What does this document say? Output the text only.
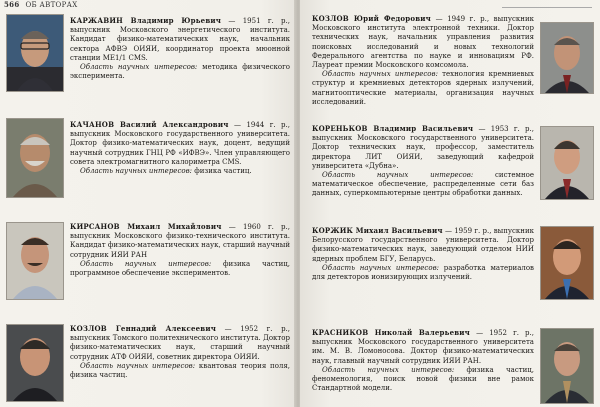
566 ОБ АВТОРАХ

КАРЖАВИН Владимир Юрьевич — 1951 г. р., выпускник Московского энергетического института. Кандидат физико-математических наук, начальник сектора АФВЭ ОИЯИ, координатор проекта мюонной станции ME1/1 CMS.

Область научных интересов: методика физического эксперимента.

КАЧАНОВ Василий Александрович — 1944 г. р., выпускник Московского государственного университета. Доктор физико-математических наук, доцент, ведущий научный сотрудник ГНЦ РФ «ИФВЭ». Член управляющего совета электромагнитного калориметра CMS.

Область научных интересов: физика частиц.

КИРСАНОВ Михаил Михайлович — 1960 г. р., выпускник Московского физико-технического института. Кандидат физико-математических наук, старший научный сотрудник ИЯИ РАН

Область научных интересов: физика частиц, программное обеспечение экспериментов.

КОЗЛОВ Геннадий Алексеевич — 1952 г. р., выпускник Томского политехнического института. Доктор физико-математических наук, старший научный сотрудник АТФ ОИЯИ, советник директора ОИЯИ.

Область научных интересов: квантовая теория поля, физика частиц.

КОЗЛОВ Юрий Федорович — 1949 г. р., выпускник Московского института электронной техники. Доктор технических наук, начальник управления развития поисковых исследований и новых технологий Федерального агентства по науке и инновациям РФ. Лауреат премии Московского комсомола.

Область научных интересов: технология кремниевых структур и кремниевых детекторов ядерных излучений, магнитооптические материалы, организация научных исследований.

КОРЕНЬКОВ Владимир Васильевич — 1953 г. р., выпускник Московского государственного университета. Доктор технических наук, профессор, заместитель директора ЛИТ ОИЯИ, заведующий кафедрой университета «Дубна».

Область научных интересов:	системное математическое обеспечение, распределенные сети баз данных, суперкомпьютерные центры обработки данных.

КОРЖИК Михаил Васильевич — 1959 г. р., выпускник Белорусского государственного университета. Доктор физико-математических наук, заведующий отделом НИИ ядерных проблем БГУ, Беларусь.

Область научных интересов: разработка материалов для детекторов ионизирующих излучений.

КРАСНИКОВ Николай Валерьевич — 1952 г. р., выпускник Московского государственного университета им. М. В. Ломоносова. Доктор физико-математических наук, главный научный сотрудник ИЯИ РАН.

Область научных интересов: физика частиц, феноменология, поиск новой физики вне рамок Стандартной модели.
